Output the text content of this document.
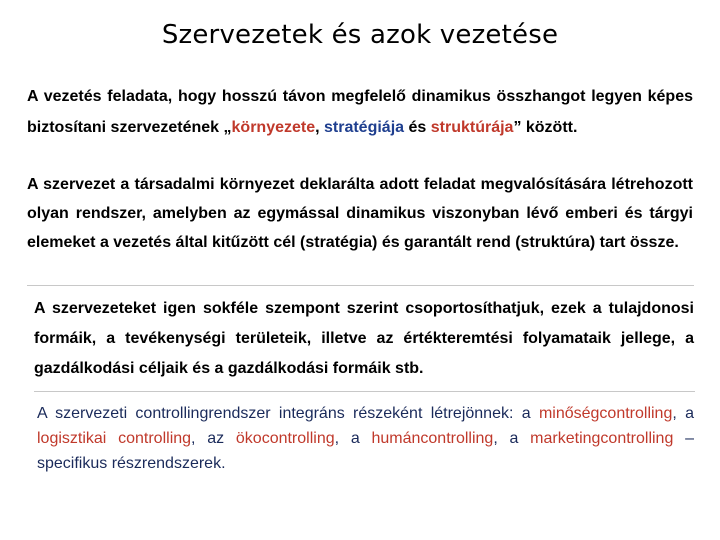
Szervezetek és azok vezetése

A vezetés feladata, hogy hosszú távon megfelelő dinamikus összhangot legyen képes biztosítani szervezetének „környezete, stratégiája és struktúrája” között.

A szervezet a társadalmi környezet deklarálta adott feladat megvalósítására létrehozott olyan rendszer, amelyben az egymással dinamikus viszonyban lévő emberi és tárgyi elemeket a vezetés által kitűzött cél (stratégia) és garantált rend (struktúra) tart össze.

A szervezeteket igen sokféle szempont szerint csoportosíthatjuk, ezek a tulajdonosi formáik, a tevékenységi területeik, illetve az értékteremtési folyamataik jellege, a gazdálkodási céljaik és a gazdálkodási formáik stb.

A szervezeti controllingrendszer integráns részeként létrejönnek: a minőségcontrolling, a logisztikai controlling, az ökocontrolling, a humáncontrolling, a marketingcontrolling – specifikus részrendszerek.
